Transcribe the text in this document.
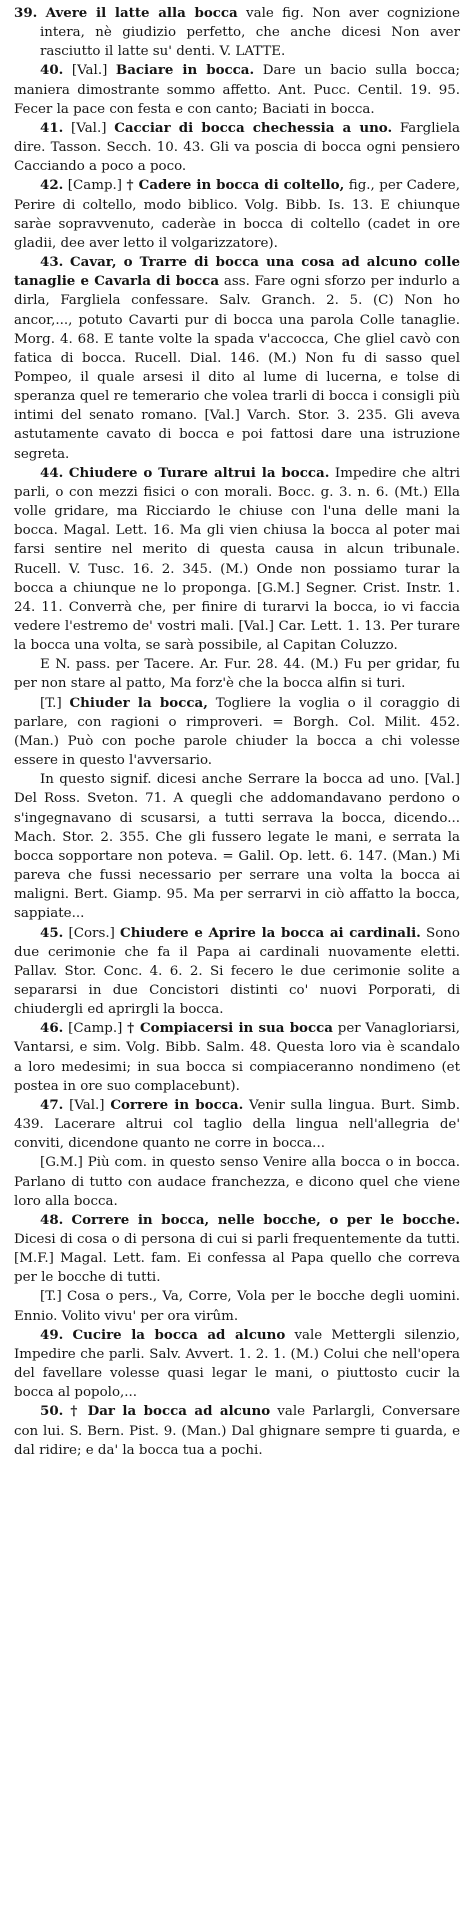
39. Avere il latte alla bocca vale fig. Non aver cognizione intera, nè giudizio perfetto, che anche dicesi Non aver rasciutto il latte su' denti. V. LATTE.

40. [Val.] Baciare in bocca. Dare un bacio sulla bocca; maniera dimostrante sommo affetto. Ant. Pucc. Centil. 19. 95. Fecer la pace con festa e con canto; Baciati in bocca.

41. [Val.] Cacciar di bocca chechessia a uno. Fargliela dire. Tasson. Secch. 10. 43. Gli va poscia di bocca ogni pensiero Cacciando a poco a poco.

42. [Camp.] † Cadere in bocca di coltello, fig., per Cadere, Perire di coltello, modo biblico. Volg. Bibb. Is. 13. E chiunque saràe sopravvenuto, caderàe in bocca di coltello (cadet in ore gladii, dee aver letto il volgarizzatore).

43. Cavar, o Trarre di bocca una cosa ad alcuno colle tanaglie e Cavarla di bocca ass. Fare ogni sforzo per indurlo a dirla, Fargliela confessare. Salv. Granch. 2. 5. (C) Non ho ancor,..., potuto Cavarti pur di bocca una parola Colle tanaglie. Morg. 4. 68. E tante volte la spada v'accocca, Che gliel cavò con fatica di bocca. Rucell. Dial. 146. (M.) Non fu di sasso quel Pompeo, il quale arsesi il dito al lume di lucerna, e tolse di speranza quel re temerario che volea trarli di bocca i consigli più intimi del senato romano. [Val.] Varch. Stor. 3. 235. Gli aveva astutamente cavato di bocca e poi fattosi dare una istruzione segreta.

44. Chiudere o Turare altrui la bocca. Impedire che altri parli, o con mezzi fisici o con morali. Bocc. g. 3. n. 6. (Mt.) Ella volle gridare, ma Ricciardo le chiuse con l'una delle mani la bocca. Magal. Lett. 16. Ma gli vien chiusa la bocca al poter mai farsi sentire nel merito di questa causa in alcun tribunale. Rucell. V. Tusc. 16. 2. 345. (M.) Onde non possiamo turar la bocca a chiunque ne lo proponga. [G.M.] Segner. Crist. Instr. 1. 24. 11. Converrà che, per finire di turarvi la bocca, io vi faccia vedere l'estremo de' vostri mali. [Val.] Car. Lett. 1. 13. Per turare la bocca una volta, se sarà possibile, al Capitan Coluzzo.

E N. pass. per Tacere. Ar. Fur. 28. 44. (M.) Fu per gridar, fu per non stare al patto, Ma forz'è che la bocca alfin si turi.

[T.] Chiuder la bocca, Togliere la voglia o il coraggio di parlare, con ragioni o rimproveri. = Borgh. Col. Milit. 452. (Man.) Può con poche parole chiuder la bocca a chi volesse essere in questo l'avversario.

In questo signif. dicesi anche Serrare la bocca ad uno. [Val.] Del Ross. Sveton. 71. A quegli che addomandavano perdono o s'ingegnavano di scusarsi, a tutti serrava la bocca, dicendo... Mach. Stor. 2. 355. Che gli fussero legate le mani, e serrata la bocca sopportare non poteva. = Galil. Op. lett. 6. 147. (Man.) Mi pareva che fussi necessario per serrare una volta la bocca ai maligni. Bert. Giamp. 95. Ma per serrarvi in ciò affatto la bocca, sappiate...

45. [Cors.] Chiudere e Aprire la bocca ai cardinali. Sono due cerimonie che fa il Papa ai cardinali nuovamente eletti. Pallav. Stor. Conc. 4. 6. 2. Si fecero le due cerimonie solite a separarsi in due Concistori distinti co' nuovi Porporati, di chiudergli ed aprirgli la bocca.

46. [Camp.] † Compiacersi in sua bocca per Vanagloriarsi, Vantarsi, e sim. Volg. Bibb. Salm. 48. Questa loro via è scandalo a loro medesimi; in sua bocca si compiaceranno nondimeno (et postea in ore suo complacebunt).

47. [Val.] Correre in bocca. Venir sulla lingua. Burt. Simb. 439. Lacerare altrui col taglio della lingua nell'allegria de' conviti, dicendone quanto ne corre in bocca...

[G.M.] Più com. in questo senso Venire alla bocca o in bocca. Parlano di tutto con audace franchezza, e dicono quel che viene loro alla bocca.

48. Correre in bocca, nelle bocche, o per le bocche. Dicesi di cosa o di persona di cui si parli frequentemente da tutti. [M.F.] Magal. Lett. fam. Ei confessa al Papa quello che correva per le bocche di tutti.

[T.] Cosa o pers., Va, Corre, Vola per le bocche degli uomini. Ennio. Volito vivu' per ora virûm.

49. Cucire la bocca ad alcuno vale Mettergli silenzio, Impedire che parli. Salv. Avvert. 1. 2. 1. (M.) Colui che nell'opera del favellare volesse quasi legar le mani, o piuttosto cucir la bocca al popolo,...

50. † Dar la bocca ad alcuno vale Parlargli, Conversare con lui. S. Bern. Pist. 9. (Man.) Dal ghignare sempre ti guarda, e dal ridire; e da' la bocca tua a pochi.
